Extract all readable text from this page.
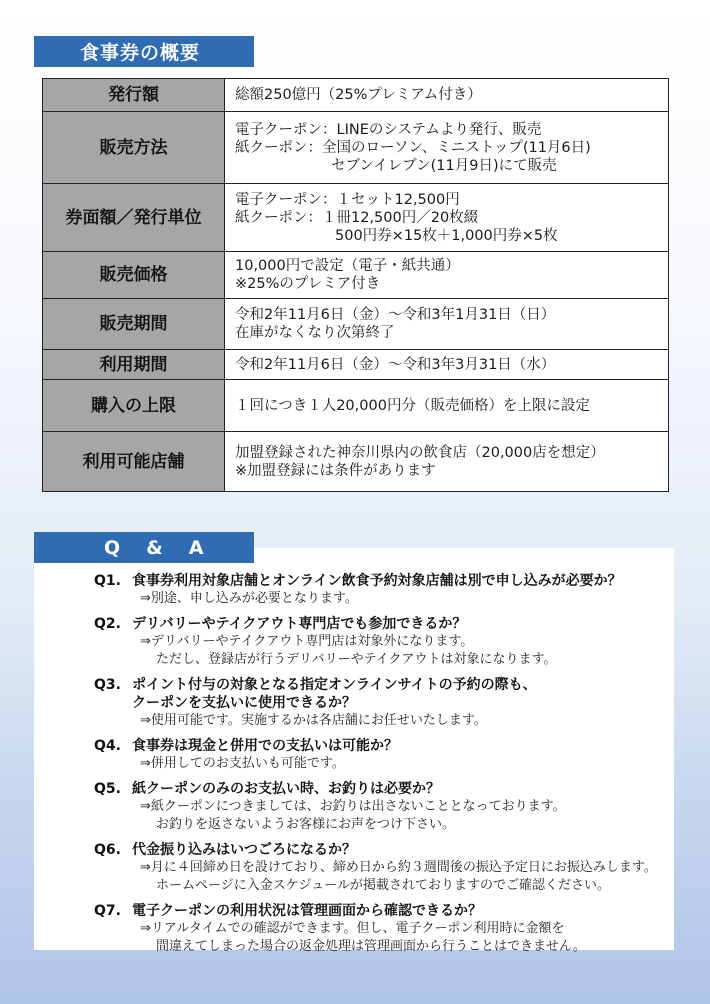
食事券の概要
発行額	総額250億円（25%プレミアム付き）

販売方法	電子クーポン：LINEのシステムより発行、販売
紙クーポン：全国のローソン、ミニストップ(11月6日)
セブンイレブン(11月9日)にて販売

券面額／発行単位	電子クーポン：１セット12,500円
紙クーポン：１冊12,500円／20枚綴
500円券×15枚＋1,000円券×5枚

販売価格	10,000円で設定（電子・紙共通）
※25%のプレミア付き

販売期間	令和2年11月6日（金）～令和3年1月31日（日）
在庫がなくなり次第終了

利用期間	令和2年11月6日（金）～令和3年3月31日（水）

購入の上限	１回につき１人20,000円分（販売価格）を上限に設定

利用可能店舗	加盟登録された神奈川県内の飲食店（20,000店を想定）
※加盟登録には条件があります
Q1. 食事券利用対象店舗とオンライン飲食予約対象店舗は別で申し込みが必要か？
⇒別途、申し込みが必要となります。
Q2. デリバリーやテイクアウト専門店でも参加できるか？
⇒デリバリーやテイクアウト専門店は対象外になります。
ただし、登録店が行うデリバリーやテイクアウトは対象になります。
Q3. ポイント付与の対象となる指定オンラインサイトの予約の際も、
クーポンを支払いに使用できるか？
⇒使用可能です。実施するかは各店舗にお任せいたします。
Q4. 食事券は現金と併用での支払いは可能か？
⇒併用してのお支払いも可能です。
Q5. 紙クーポンのみのお支払い時、お釣りは必要か？
⇒紙クーポンにつきましては、お釣りは出さないこととなっております。
お釣りを返さないようお客様にお声をつけ下さい。
Q6. 代金振り込みはいつごろになるか？
⇒月に４回締め日を設けており、締め日から約３週間後の振込予定日にお振込みします。
ホームページに入金スケジュールが掲載されておりますのでご確認ください。
Q7. 電子クーポンの利用状況は管理画面から確認できるか？
⇒リアルタイムでの確認ができます。但し、電子クーポン利用時に金額を
間違えてしまった場合の返金処理は管理画面から行うことはできません。
Q & A
